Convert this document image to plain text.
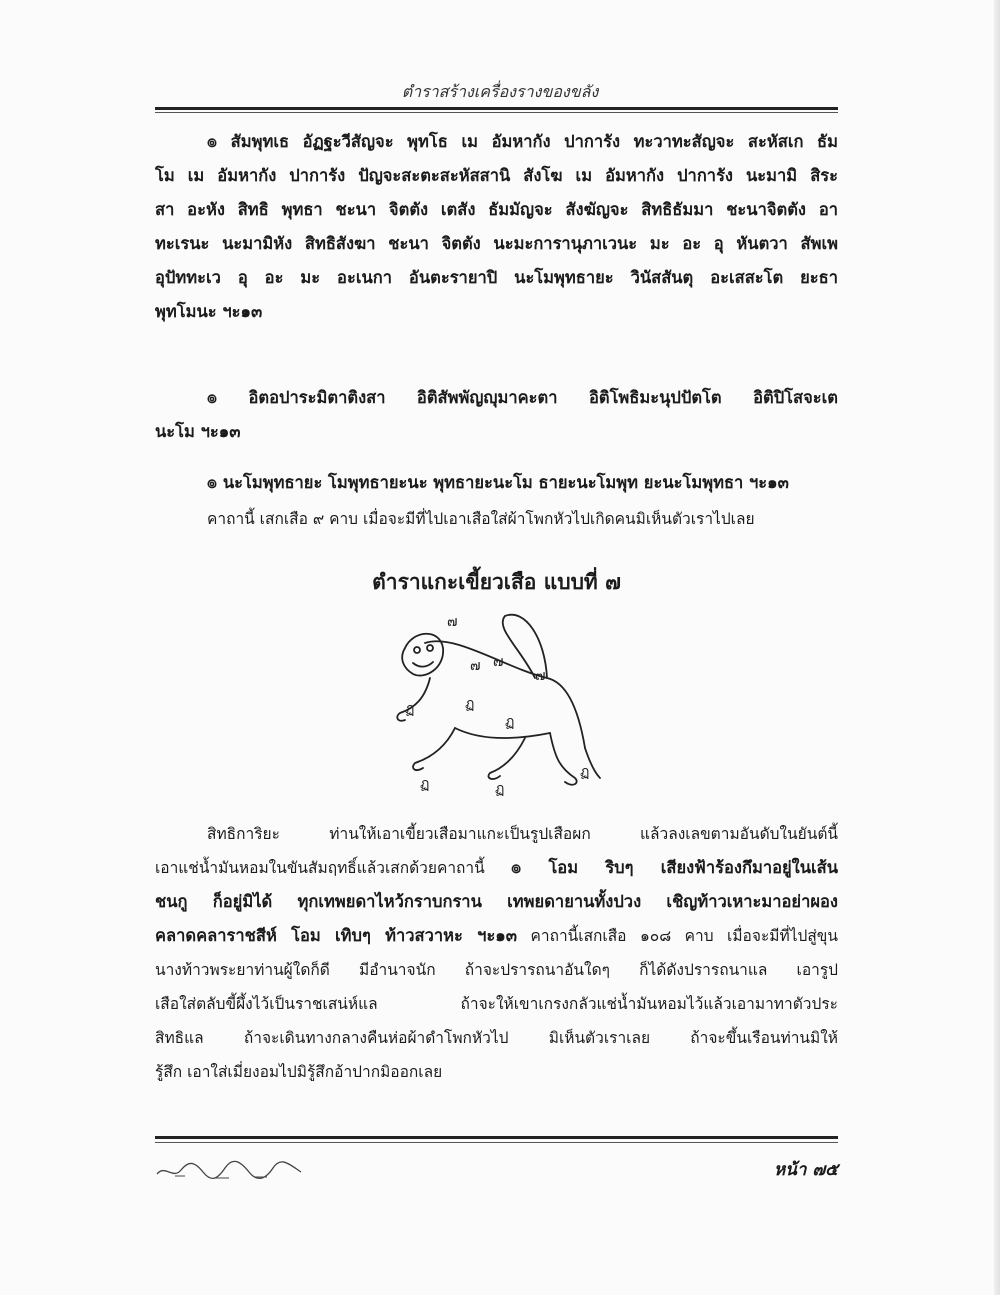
ตำราสร้างเครื่องรางของขลัง
๏ สัมพุทเธ อัฏฐะวีสัญจะ พุทโธ เม อัมหากัง ปาการัง ทะวาทะสัญจะ สะหัสเก ธัม
โม เม อัมหากัง ปาการัง ปัญจะสะตะสะหัสสานิ สังโฆ เม อัมหากัง ปาการัง นะมามิ สิระ
สา อะหัง สิทธิ พุทธา ชะนา จิตตัง เตสัง ธัมมัญจะ สังฆัญจะ สิทธิธัมมา ชะนาจิตตัง อา
ทะเรนะ นะมามิหัง สิทธิสังฆา ชะนา จิตตัง นะมะการานุภาเวนะ มะ อะ อุ หันตวา สัพเพ
อุปัททะเว อุ อะ มะ อะเนกา อันตะรายาปิ นะโมพุทธายะ วินัสสันตุ อะเสสะโต ยะธา
พุทโมนะ ฯะ๑๓
๏ อิตอปาระมิตาติงสา อิติสัพพัญญุมาคะตา อิติโพธิมะนุปปัตโต อิติปิโสจะเต
นะโม ฯะ๑๓
๏ นะโมพุทธายะ โมพุทธายะนะ พุทธายะนะโม ธายะนะโมพุท ยะนะโมพุทธา ฯะ๑๓
คาถานี้ เสกเสือ ๙ คาบ เมื่อจะมีที่ไปเอาเสือใส่ผ้าโพกหัวไปเกิดคนมิเห็นตัวเราไปเลย
ตำราแกะเขี้ยวเสือ แบบที่ ๗
๗ ๗
๗
๗
ฏ	ฏ
ฏ
ฏ	ฏ
ฏ
สิทธิการิยะ ท่านให้เอาเขี้ยวเสือมาแกะเป็นรูปเสือผก แล้วลงเลขตามอันดับในยันต์นี้
เอาแช่น้ำมันหอมในขันสัมฤทธิ์แล้วเสกด้วยคาถานี้ ๏ โอม ริบๆ เสียงฟ้าร้องกึมาอยู่ในเส้น
ชนกู ก็อยู่มิได้ ทุกเทพยดาไหว้กราบกราน เทพยดายานทั้งปวง เชิญท้าวเหาะมาอย่าผอง
คลาดคลาราชสีห์ โอม เทิบๆ ท้าวสวาหะ ฯะ๑๓ คาถานี้เสกเสือ ๑๐๘ คาบ เมื่อจะมีที่ไปสู่ขุน
นางท้าวพระยาท่านผู้ใดก็ดี มีอำนาจนัก ถ้าจะปรารถนาอันใดๆ ก็ได้ดังปรารถนาแล เอารูป
เสือใส่ตลับขี้ผึ้งไว้เป็นราชเสน่ห์แล ถ้าจะให้เขาเกรงกลัวแช่น้ำมันหอมไว้แล้วเอามาทาตัวประ
สิทธิแล ถ้าจะเดินทางกลางคืนห่อผ้าดำโพกหัวไป มิเห็นตัวเราเลย ถ้าจะขึ้นเรือนท่านมิให้
รู้สึก เอาใส่เมี่ยงอมไปมิรู้สึกอ้าปากมิออกเลย
หน้า ๗๕
